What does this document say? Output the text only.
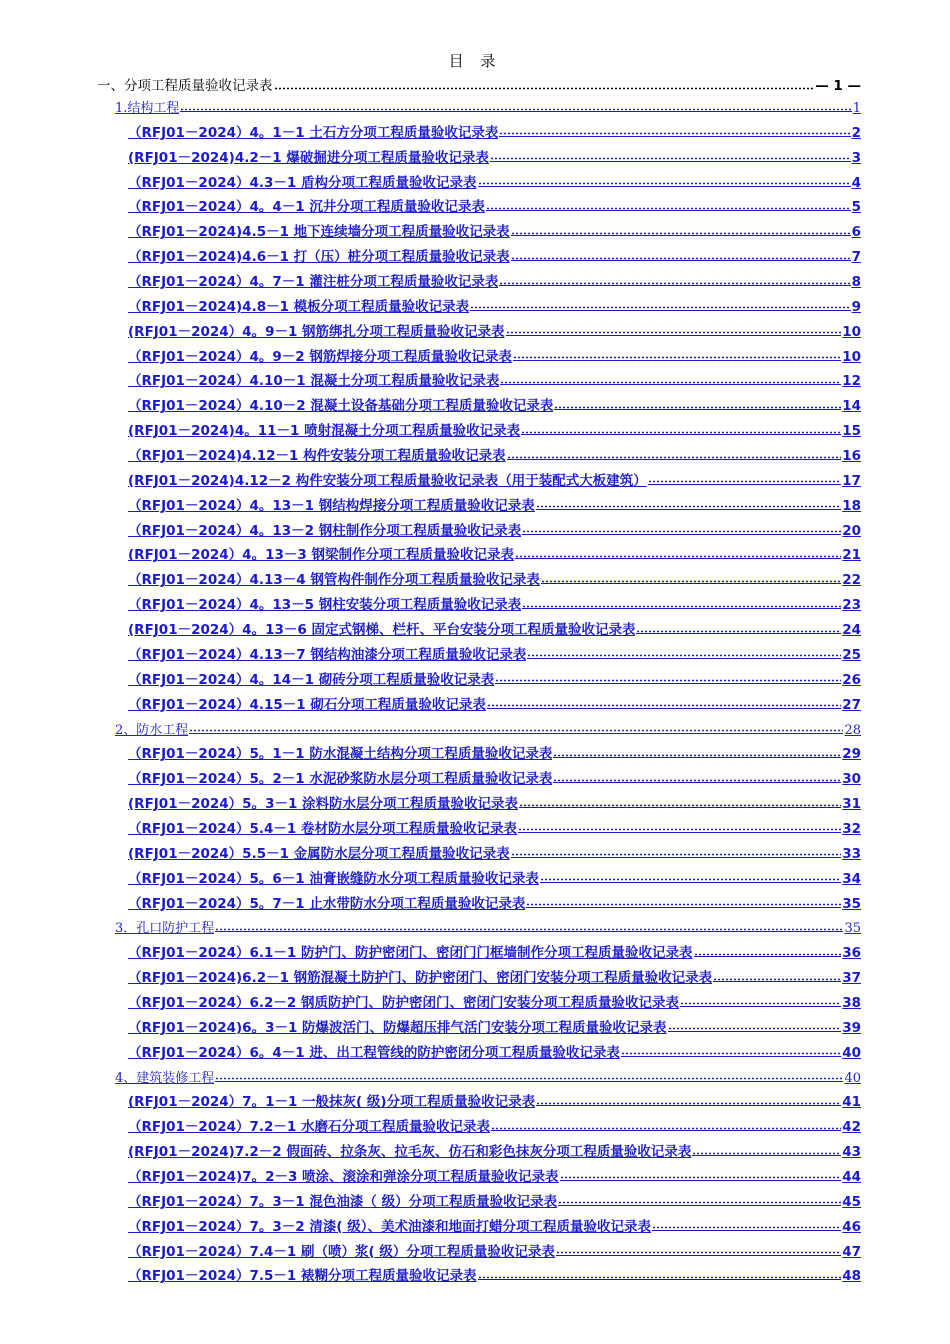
目 录
一、分项工程质量验收记录表	— 1 —
1.结构工程	1
（RFJ01－2024）4。1－1 土石方分项工程质量验收记录表	2
(RFJ01－2024)4.2－1 爆破掘进分项工程质量验收记录表	3
（RFJ01－2024）4.3－1 盾构分项工程质量验收记录表	4
（RFJ01－2024）4。4－1 沉井分项工程质量验收记录表	5
（RFJ01－2024)4.5－1 地下连续墙分项工程质量验收记录表	6
（RFJ01－2024)4.6－1 打（压）桩分项工程质量验收记录表	7
（RFJ01－2024）4。7－1 灌注桩分项工程质量验收记录表	8
（RFJ01－2024)4.8－1 模板分项工程质量验收记录表	9
(RFJ01－2024）4。9－1 钢筋绑扎分项工程质量验收记录表	10
（RFJ01－2024）4。9－2 钢筋焊接分项工程质量验收记录表	10
（RFJ01－2024）4.10－1 混凝土分项工程质量验收记录表	12
（RFJ01－2024）4.10－2 混凝土设备基础分项工程质量验收记录表	14
(RFJ01－2024)4。11－1 喷射混凝土分项工程质量验收记录表	15
（RFJ01－2024)4.12－1 构件安装分项工程质量验收记录表	16
(RFJ01－2024)4.12－2 构件安装分项工程质量验收记录表（用于装配式大板建筑）	17
（RFJ01－2024）4。13－1 钢结构焊接分项工程质量验收记录表	18
（RFJ01－2024）4。13－2 钢柱制作分项工程质量验收记录表	20
(RFJ01－2024）4。13－3 钢梁制作分项工程质量验收记录表	21
（RFJ01－2024）4.13－4 钢管构件制作分项工程质量验收记录表	22
（RFJ01－2024）4。13－5 钢柱安装分项工程质量验收记录表	23
(RFJ01－2024）4。13－6 固定式钢梯、栏杆、平台安装分项工程质量验收记录表	24
（RFJ01－2024）4.13－7 钢结构油漆分项工程质量验收记录表	25
（RFJ01－2024）4。14－1 砌砖分项工程质量验收记录表	26
（RFJ01－2024）4.15－1 砌石分项工程质量验收记录表	27
2、防水工程	28
（RFJ01－2024）5。1－1 防水混凝土结构分项工程质量验收记录表	29
（RFJ01－2024）5。2－1 水泥砂浆防水层分项工程质量验收记录表	30
(RFJ01－2024）5。3－1 涂料防水层分项工程质量验收记录表	31
（RFJ01－2024）5.4－1 卷材防水层分项工程质量验收记录表	32
(RFJ01－2024）5.5－1 金属防水层分项工程质量验收记录表	33
（RFJ01－2024）5。6－1 油膏嵌缝防水分项工程质量验收记录表	34
（RFJ01－2024）5。7－1 止水带防水分项工程质量验收记录表	35
3．孔口防护工程	35
（RFJ01－2024）6.1－1 防护门、防护密闭门、密闭门门框墙制作分项工程质量验收记录表	36
（RFJ01－2024)6.2－1 钢筋混凝土防护门、防护密闭门、密闭门安装分项工程质量验收记录表	37
（RFJ01－2024）6.2－2 钢质防护门、防护密闭门、密闭门安装分项工程质量验收记录表	38
（RFJ01－2024)6。3－1 防爆波活门、防爆超压排气活门安装分项工程质量验收记录表	39
（RFJ01－2024）6。4－1 进、出工程管线的防护密闭分项工程质量验收记录表	40
4、建筑装修工程	40
(RFJ01－2024）7。1－1 一般抹灰( 级)分项工程质量验收记录表	41
（RFJ01－2024）7.2－1 水磨石分项工程质量验收记录表	42
(RFJ01－2024)7.2－2 假面砖、拉条灰、拉毛灰、仿石和彩色抹灰分项工程质量验收记录表	43
（RFJ01－2024)7。2－3 喷涂、滚涂和弹涂分项工程质量验收记录表	44
（RFJ01－2024）7。3－1 混色油漆（ 级）分项工程质量验收记录表	45
（RFJ01－2024）7。3－2 清漆( 级）、美术油漆和地面打蜡分项工程质量验收记录表	46
（RFJ01－2024）7.4－1 刷（喷）浆( 级）分项工程质量验收记录表	47
（RFJ01－2024）7.5－1 裱糊分项工程质量验收记录表	48
